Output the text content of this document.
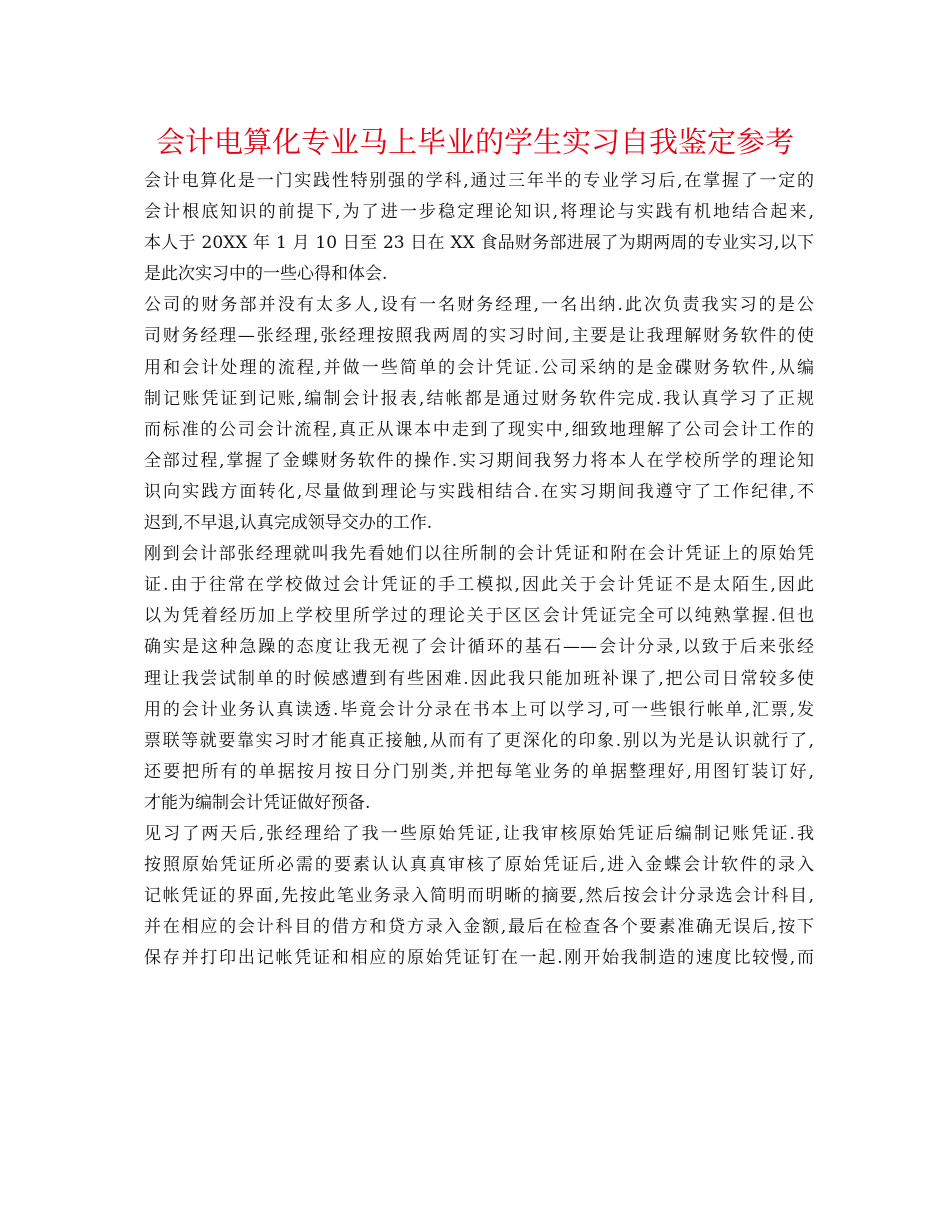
会计电算化专业马上毕业的学生实习自我鉴定参考
会计电算化是一门实践性特别强的学科,通过三年半的专业学习后,在掌握了一定的
会计根底知识的前提下,为了进一步稳定理论知识,将理论与实践有机地结合起来,
本人于 20XX 年 1 月 10 日至 23 日在 XX 食品财务部进展了为期两周的专业实习,以下
是此次实习中的一些心得和体会.
公司的财务部并没有太多人,设有一名财务经理,一名出纳.此次负责我实习的是公
司财务经理—张经理,张经理按照我两周的实习时间,主要是让我理解财务软件的使
用和会计处理的流程,并做一些简单的会计凭证.公司采纳的是金碟财务软件,从编
制记账凭证到记账,编制会计报表,结帐都是通过财务软件完成.我认真学习了正规
而标准的公司会计流程,真正从课本中走到了现实中,细致地理解了公司会计工作的
全部过程,掌握了金蝶财务软件的操作.实习期间我努力将本人在学校所学的理论知
识向实践方面转化,尽量做到理论与实践相结合.在实习期间我遵守了工作纪律,不
迟到,不早退,认真完成领导交办的工作.
刚到会计部张经理就叫我先看她们以往所制的会计凭证和附在会计凭证上的原始凭
证.由于往常在学校做过会计凭证的手工模拟,因此关于会计凭证不是太陌生,因此
以为凭着经历加上学校里所学过的理论关于区区会计凭证完全可以纯熟掌握.但也
确实是这种急躁的态度让我无视了会计循环的基石——会计分录,以致于后来张经
理让我尝试制单的时候感遭到有些困难.因此我只能加班补课了,把公司日常较多使
用的会计业务认真读透.毕竟会计分录在书本上可以学习,可一些银行帐单,汇票,发
票联等就要靠实习时才能真正接触,从而有了更深化的印象.别以为光是认识就行了,
还要把所有的单据按月按日分门别类,并把每笔业务的单据整理好,用图钉装订好,
才能为编制会计凭证做好预备.
见习了两天后,张经理给了我一些原始凭证,让我审核原始凭证后编制记账凭证.我
按照原始凭证所必需的要素认认真真审核了原始凭证后,进入金蝶会计软件的录入
记帐凭证的界面,先按此笔业务录入简明而明晰的摘要,然后按会计分录选会计科目,
并在相应的会计科目的借方和贷方录入金额,最后在检查各个要素准确无误后,按下
保存并打印出记帐凭证和相应的原始凭证钉在一起.刚开始我制造的速度比较慢,而
